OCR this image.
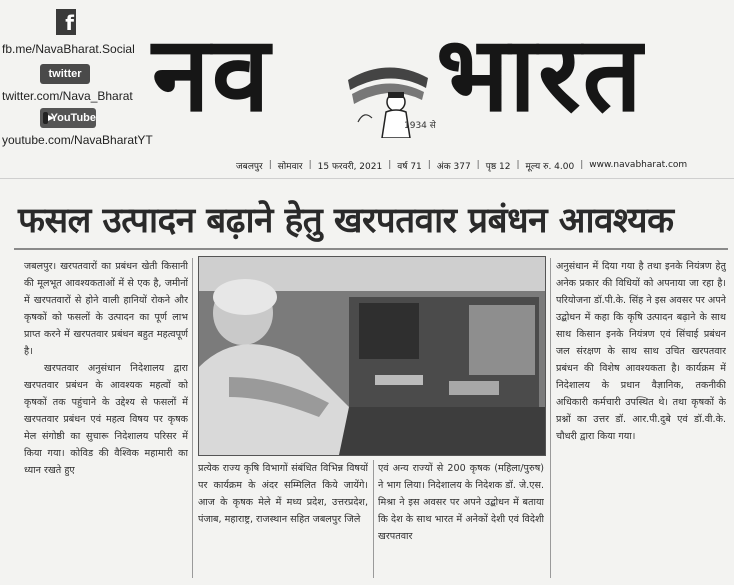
f
fb.me/NavaBharat.Social
twitter
twitter.com/Nava_Bharat
YouTube
youtube.com/NavaBharatYT
नव भारत
1934 से
जबलपुर | सोमवार | 15 फरवरी, 2021 | वर्ष 71 | अंक 377 | पृष्ठ 12 | मूल्य रु. 4.00 | www.navabharat.com
फसल उत्पादन बढ़ाने हेतु खरपतवार प्रबंधन आवश्यक

जबलपुर। खरपतवारों का प्रबंधन खेती किसानी की मूलभूत आवश्यकताओं में से एक है, जमीनों में खरपतवारों से होने वाली हानियों रोकने और कृषकों को फसलों के उत्पादन का पूर्ण लाभ प्राप्त करने में खरपतवार प्रबंधन बहुत महत्वपूर्ण है।

खरपतवार अनुसंधान निदेशालय द्वारा खरपतवार प्रबंधन के आवश्यक महत्वों को कृषकों तक पहुंचाने के उद्देश्य से फसलों में खरपतवार प्रबंधन एवं महत्व विषय पर कृषक मेल संगोष्ठी का सुचारू निदेशालय परिसर में किया गया। कोविड की वैश्विक महामारी का ध्यान रखते हुए	प्रत्येक राज्य कृषि विभागों संबंधित विभिन्न विषयों पर कार्यक्रम के अंदर सम्मिलित किये जायेंगे। आज के कृषक मेले में मध्य प्रदेश, उत्तरप्रदेश, पंजाब, महाराष्ट्र, राजस्थान सहित जबलपुर जिले
एवं अन्य राज्यों से 200 कृषक (महिला/पुरुष) ने भाग लिया। निदेशालय के निदेशक डॉ. जे.एस. मिश्रा ने इस अवसर पर अपने उद्बोधन में बताया कि देश के साथ भारत में अनेकों देशी एवं विदेशी खरपतवार
अनुसंधान में दिया गया है तथा इनके नियंत्रण हेतु अनेक प्रकार की विधियों को अपनाया जा रहा है। परियोजना डॉ.पी.के. सिंह ने इस अवसर पर अपने उद्बोधन में कहा कि कृषि उत्पादन बढ़ाने के साथ साथ किसान इनके नियंत्रण एवं सिंचाई प्रबंधन जल संरक्षण के साथ साथ उचित खरपतवार प्रबंधन की विशेष आवश्यकता है। कार्यक्रम में निदेशालय के प्रधान वैज्ञानिक, तकनीकी अधिकारी कर्मचारी उपस्थित थे। तथा कृषकों के प्रश्नों का उत्तर डॉ. आर.पी.दुबे एवं डॉ.वी.के. चौधरी द्वारा किया गया।
